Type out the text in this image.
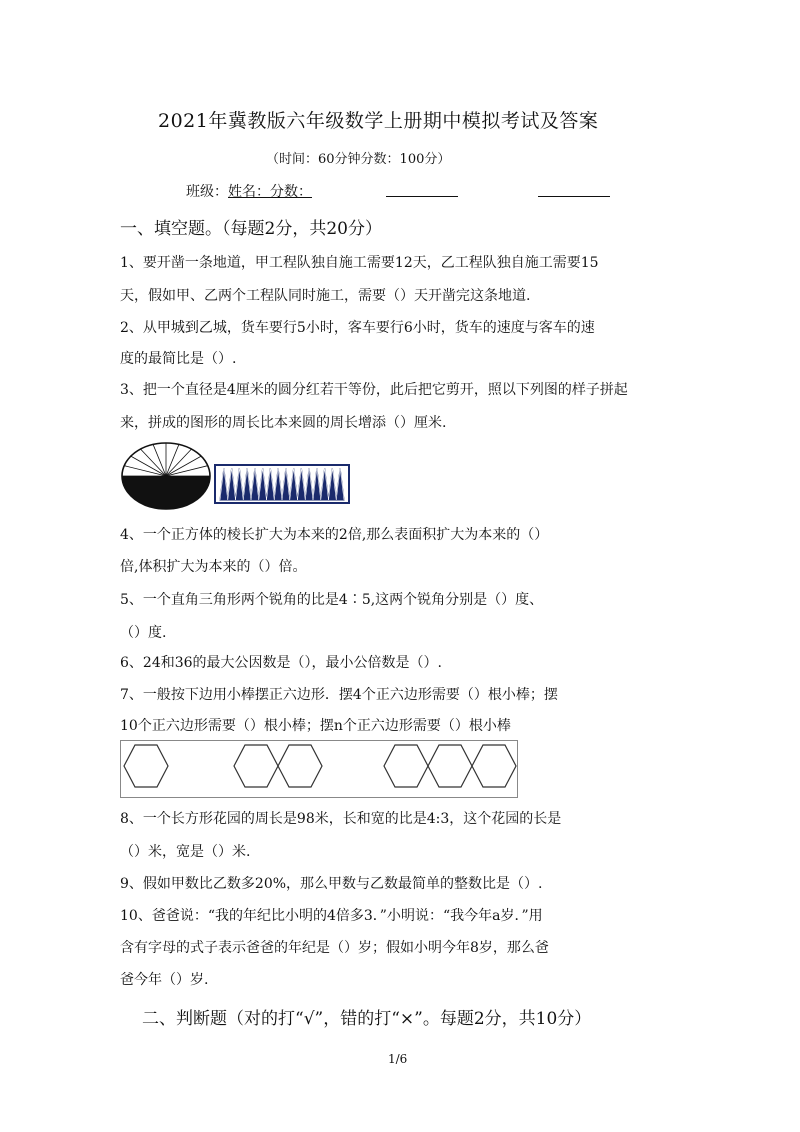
2021年冀教版六年级数学上册期中模拟考试及答案
（时间：60分钟分数：100分）
班级：姓名：分数：
一、填空题。（每题2分，共20分）
1、要开凿一条地道，甲工程队独自施工需要12天，乙工程队独自施工需要15
天，假如甲、乙两个工程队同时施工，需要（）天开凿完这条地道.
2、从甲城到乙城，货车要行5小时，客车要行6小时，货车的速度与客车的速
度的最简比是（）.
3、把一个直径是4厘米的圆分红若干等份，此后把它剪开，照以下列图的样子拼起
来，拼成的图形的周长比本来圆的周长增添（）厘米.
4、一个正方体的棱长扩大为本来的2倍,那么表面积扩大为本来的（）
倍,体积扩大为本来的（）倍。
5、一个直角三角形两个锐角的比是4∶5,这两个锐角分别是（）度、
（）度.
6、24和36的最大公因数是（），最小公倍数是（）.
7、一般按下边用小棒摆正六边形．摆4个正六边形需要（）根小棒；摆
10个正六边形需要（）根小棒；摆n个正六边形需要（）根小棒
8、一个长方形花园的周长是98米，长和宽的比是4:3，这个花园的长是
（）米，宽是（）米.
9、假如甲数比乙数多20%，那么甲数与乙数最简单的整数比是（）.
10、爸爸说：“我的年纪比小明的4倍多3．”小明说：“我今年a岁．”用
含有字母的式子表示爸爸的年纪是（）岁；假如小明今年8岁，那么爸
爸今年（）岁.
二、判断题（对的打“√”，错的打“×”。每题2分，共10分）
1/6
